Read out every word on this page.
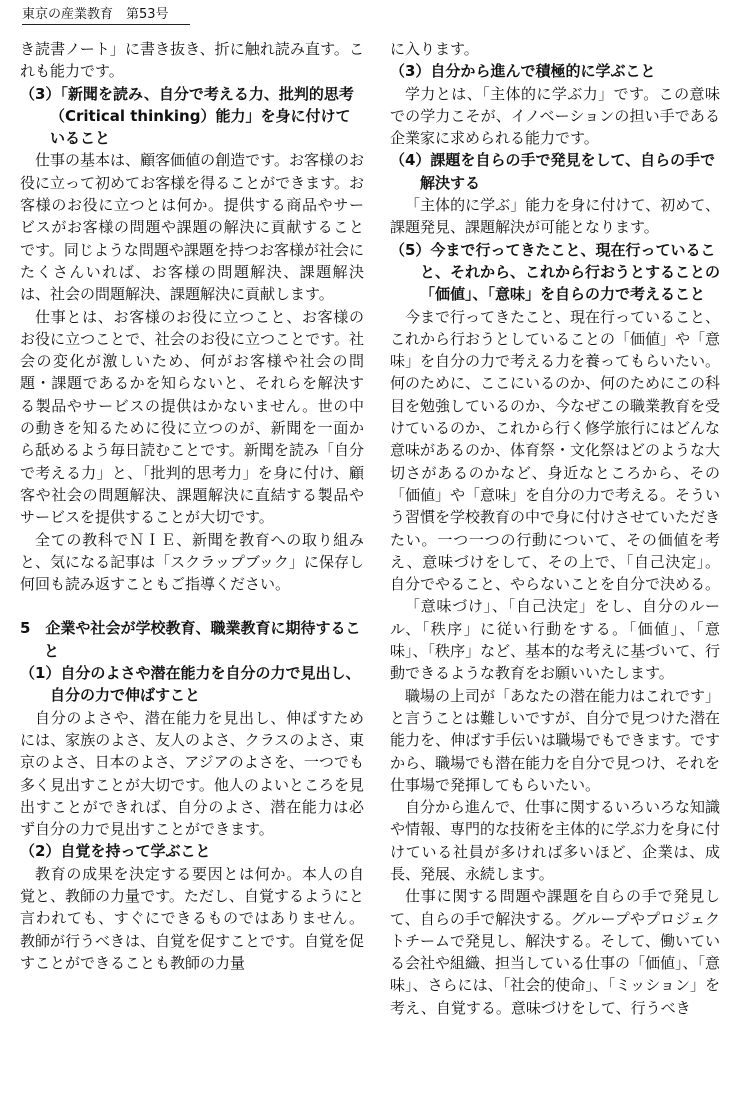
東京の産業教育　第53号

き読書ノート」に書き抜き、折に触れ読み直す。これも能力です。

（3）「新聞を読み、自分で考える力、批判的思考（Critical thinking）能力」を身に付けていること

仕事の基本は、顧客価値の創造です。お客様のお役に立って初めてお客様を得ることができます。お客様のお役に立つとは何か。提供する商品やサービスがお客様の問題や課題の解決に貢献することです。同じような問題や課題を持つお客様が社会にたくさんいれば、お客様の問題解決、課題解決は、社会の問題解決、課題解決に貢献します。

仕事とは、お客様のお役に立つこと、お客様のお役に立つことで、社会のお役に立つことです。社会の変化が激しいため、何がお客様や社会の問題・課題であるかを知らないと、それらを解決する製品やサービスの提供はかないません。世の中の動きを知るために役に立つのが、新聞を一面から舐めるよう毎日読むことです。新聞を読み「自分で考える力」と、「批判的思考力」を身に付け、顧客や社会の問題解決、課題解決に直結する製品やサービスを提供することが大切です。

全ての教科でＮＩＥ、新聞を教育への取り組みと、気になる記事は「スクラップブック」に保存し何回も読み返すこともご指導ください。

5　企業や社会が学校教育、職業教育に期待すること

（1）自分のよさや潜在能力を自分の力で見出し、自分の力で伸ばすこと

自分のよさや、潜在能力を見出し、伸ばすためには、家族のよさ、友人のよさ、クラスのよさ、東京のよさ、日本のよさ、アジアのよさを、一つでも多く見出すことが大切です。他人のよいところを見出すことができれば、自分のよさ、潜在能力は必ず自分の力で見出すことができます。

（2）自覚を持って学ぶこと

教育の成果を決定する要因とは何か。本人の自覚と、教師の力量です。ただし、自覚するようにと言われても、すぐにできるものではありません。教師が行うべきは、自覚を促すことです。自覚を促すことができることも教師の力量

に入ります。

（3）自分から進んで積極的に学ぶこと

学力とは、「主体的に学ぶ力」です。この意味での学力こそが、イノベーションの担い手である企業家に求められる能力です。

（4）課題を自らの手で発見をして、自らの手で解決する

「主体的に学ぶ」能力を身に付けて、初めて、課題発見、課題解決が可能となります。

（5）今まで行ってきたこと、現在行っていること、それから、これから行おうとすることの「価値」、「意味」を自らの力で考えること

今まで行ってきたこと、現在行っていること、これから行おうとしていることの「価値」や「意味」を自分の力で考える力を養ってもらいたい。何のために、ここにいるのか、何のためにこの科目を勉強しているのか、今なぜこの職業教育を受けているのか、これから行く修学旅行にはどんな意味があるのか、体育祭・文化祭はどのような大切さがあるのかなど、身近なところから、その「価値」や「意味」を自分の力で考える。そういう習慣を学校教育の中で身に付けさせていただきたい。一つ一つの行動について、その価値を考え、意味づけをして、その上で、「自己決定」。自分でやること、やらないことを自分で決める。

「意味づけ」、「自己決定」をし、自分のルール、「秩序」に従い行動をする。「価値」、「意味」、「秩序」など、基本的な考えに基づいて、行動できるような教育をお願いいたします。

職場の上司が「あなたの潜在能力はこれです」と言うことは難しいですが、自分で見つけた潜在能力を、伸ばす手伝いは職場でもできます。ですから、職場でも潜在能力を自分で見つけ、それを仕事場で発揮してもらいたい。

自分から進んで、仕事に関するいろいろな知識や情報、専門的な技術を主体的に学ぶ力を身に付けている社員が多ければ多いほど、企業は、成長、発展、永続します。

仕事に関する問題や課題を自らの手で発見して、自らの手で解決する。グループやプロジェクトチームで発見し、解決する。そして、働いている会社や組織、担当している仕事の「価値」、「意味」、さらには、「社会的使命」、「ミッション」を考え、自覚する。意味づけをして、行うべき
